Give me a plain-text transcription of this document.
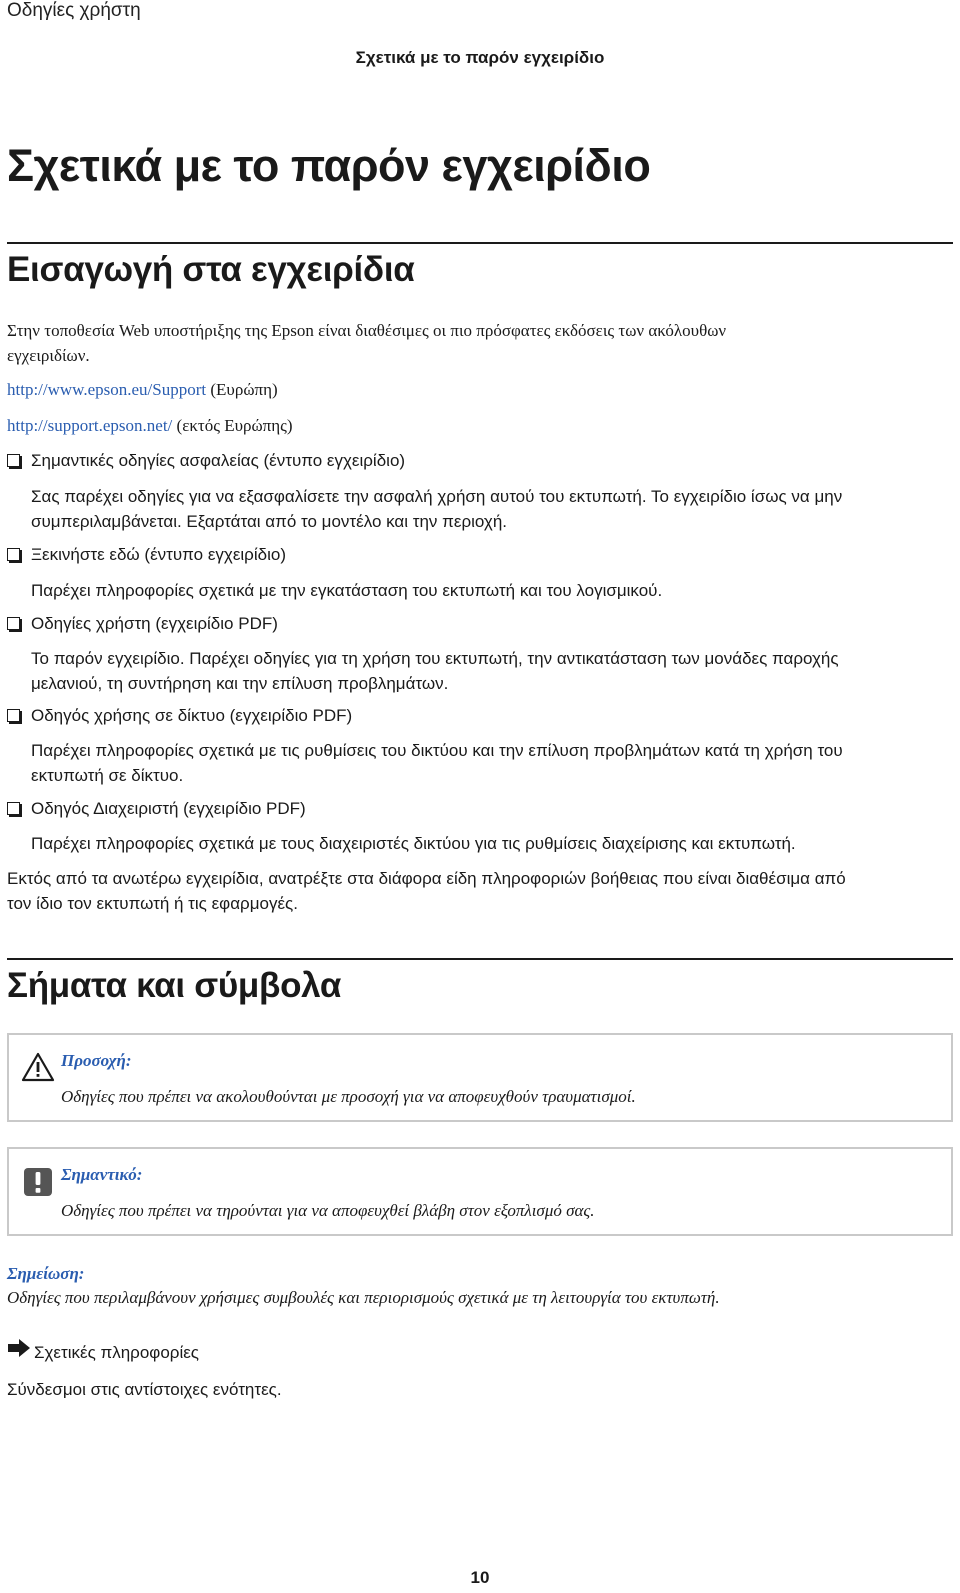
Οδηγίες χρήστη
Σχετικά με το παρόν εγχειρίδιο
Σχετικά με το παρόν εγχειρίδιο
Εισαγωγή στα εγχειρίδια
Στην τοποθεσία Web υποστήριξης της Epson είναι διαθέσιμες οι πιο πρόσφατες εκδόσεις των ακόλουθων
εγχειριδίων.
http://www.epson.eu/Support (Ευρώπη)
http://support.epson.net/ (εκτός Ευρώπης)
Σημαντικές οδηγίες ασφαλείας (έντυπο εγχειρίδιο)
Σας παρέχει οδηγίες για να εξασφαλίσετε την ασφαλή χρήση αυτού του εκτυπωτή. Το εγχειρίδιο ίσως να μην
συμπεριλαμβάνεται. Εξαρτάται από το μοντέλο και την περιοχή.
Ξεκινήστε εδώ (έντυπο εγχειρίδιο)
Παρέχει πληροφορίες σχετικά με την εγκατάσταση του εκτυπωτή και του λογισμικού.
Οδηγίες χρήστη (εγχειρίδιο PDF)
Το παρόν εγχειρίδιο. Παρέχει οδηγίες για τη χρήση του εκτυπωτή, την αντικατάσταση των μονάδες παροχής
μελανιού, τη συντήρηση και την επίλυση προβλημάτων.
Οδηγός χρήσης σε δίκτυο (εγχειρίδιο PDF)
Παρέχει πληροφορίες σχετικά με τις ρυθμίσεις του δικτύου και την επίλυση προβλημάτων κατά τη χρήση του
εκτυπωτή σε δίκτυο.
Οδηγός Διαχειριστή (εγχειρίδιο PDF)
Παρέχει πληροφορίες σχετικά με τους διαχειριστές δικτύου για τις ρυθμίσεις διαχείρισης και εκτυπωτή.
Εκτός από τα ανωτέρω εγχειρίδια, ανατρέξτε στα διάφορα είδη πληροφοριών βοήθειας που είναι διαθέσιμα από
τον ίδιο τον εκτυπωτή ή τις εφαρμογές.
Σήματα και σύμβολα
Προσοχή:
Οδηγίες που πρέπει να ακολουθούνται με προσοχή για να αποφευχθούν τραυματισμοί.
Σημαντικό:
Οδηγίες που πρέπει να τηρούνται για να αποφευχθεί βλάβη στον εξοπλισμό σας.
Σημείωση:
Οδηγίες που περιλαμβάνουν χρήσιμες συμβουλές και περιορισμούς σχετικά με τη λειτουργία του εκτυπωτή.
Σχετικές πληροφορίες
Σύνδεσμοι στις αντίστοιχες ενότητες.
10
